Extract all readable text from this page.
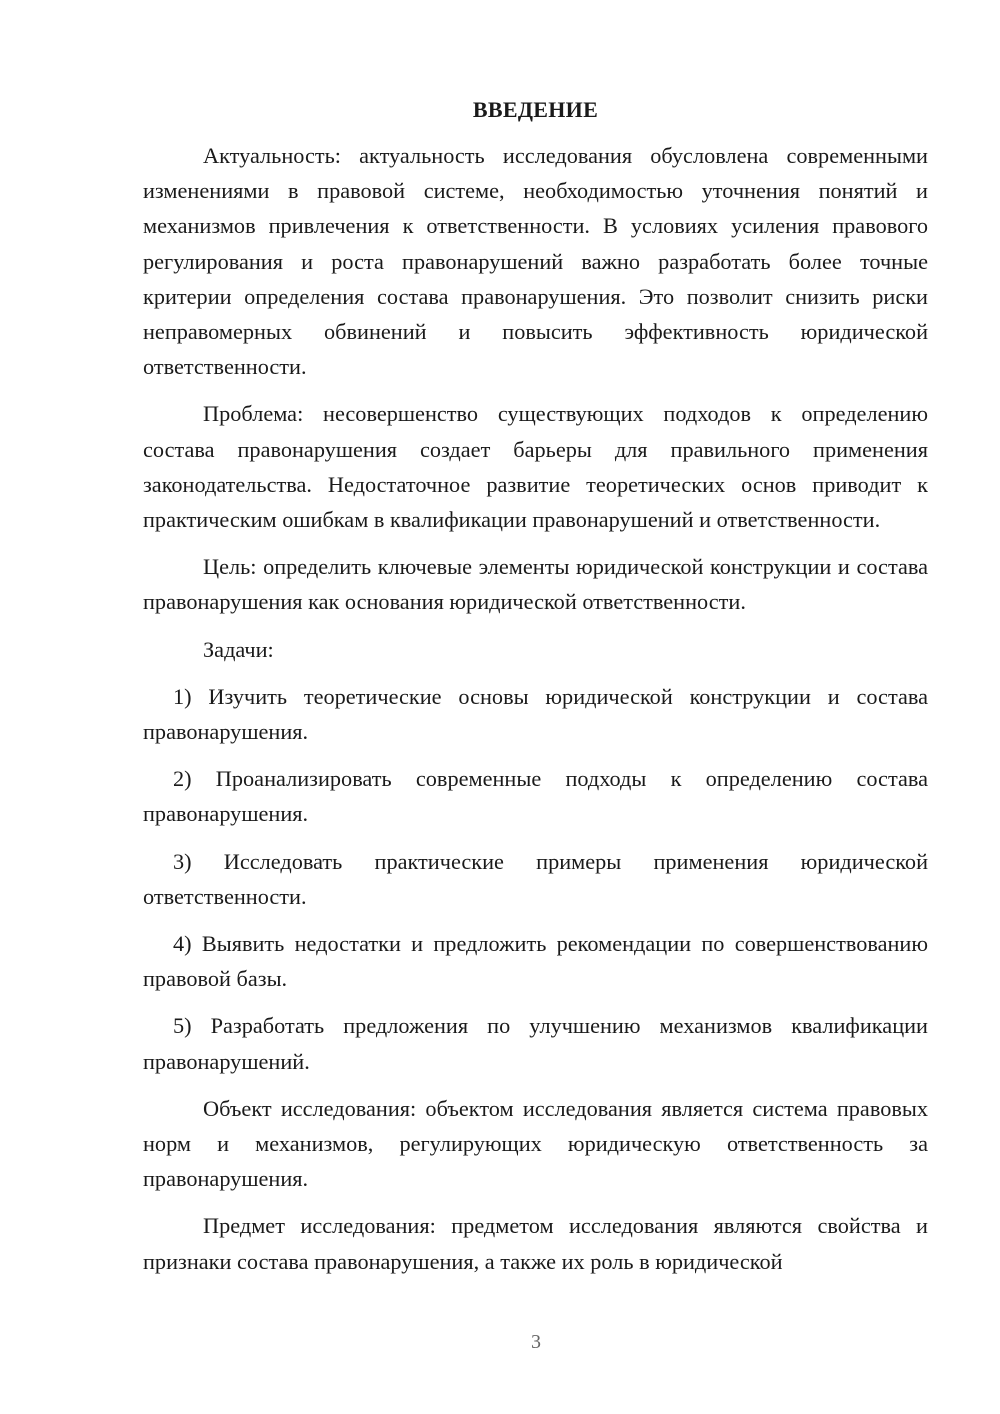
ВВЕДЕНИЕ

Актуальность: актуальность исследования обусловлена современными изменениями в правовой системе, необходимостью уточнения понятий и механизмов привлечения к ответственности. В условиях усиления правового регулирования и роста правонарушений важно разработать более точные критерии определения состава правонарушения. Это позволит снизить риски неправомерных обвинений и повысить эффективность юридической ответственности.

Проблема: несовершенство существующих подходов к определению состава правонарушения создает барьеры для правильного применения законодательства. Недостаточное развитие теоретических основ приводит к практическим ошибкам в квалификации правонарушений и ответственности.

Цель: определить ключевые элементы юридической конструкции и состава правонарушения как основания юридической ответственности.

Задачи:

1) Изучить теоретические основы юридической конструкции и состава правонарушения.

2) Проанализировать современные подходы к определению состава правонарушения.

3) Исследовать практические примеры применения юридической ответственности.

4) Выявить недостатки и предложить рекомендации по совершенствованию правовой базы.

5) Разработать предложения по улучшению механизмов квалификации правонарушений.

Объект исследования: объектом исследования является система правовых норм и механизмов, регулирующих юридическую ответственность за правонарушения.

Предмет исследования: предметом исследования являются свойства и признаки состава правонарушения, а также их роль в юридической

3
